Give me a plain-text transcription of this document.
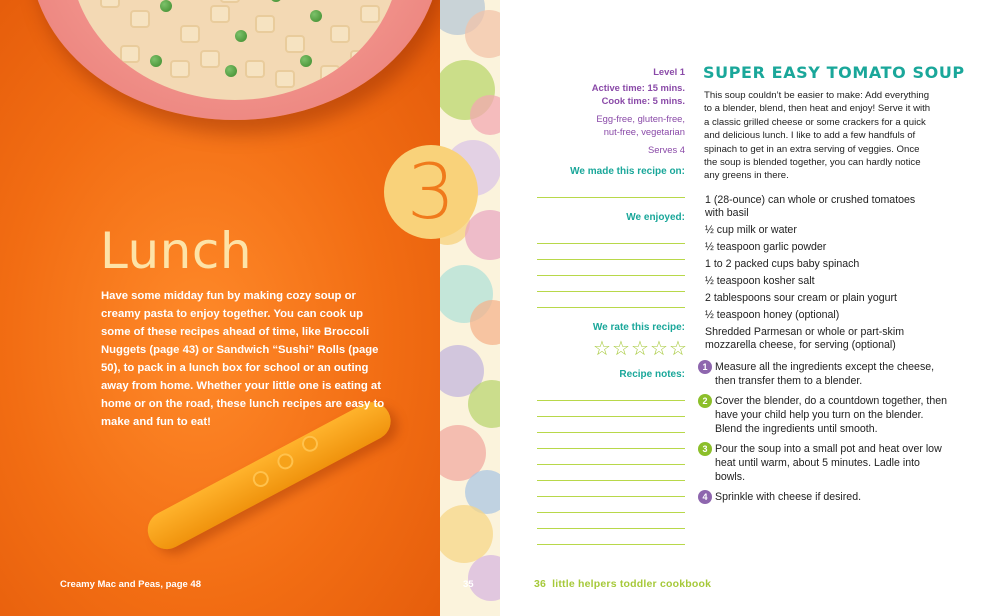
Lunch
Have some midday fun by making cozy soup or creamy pasta to enjoy together. You can cook up some of these recipes ahead of time, like Broccoli Nuggets (page 43) or Sandwich “Sushi” Rolls (page 50), to pack in a lunch box for school or an outing away from home. Whether your little one is eating at home or on the road, these lunch recipes are easy to make and fun to eat!
Creamy Mac and Peas, page 48
3
35
Level 1
Active time: 15 mins.
Cook time: 5 mins.
Egg-free, gluten-free,
nut-free, vegetarian
Serves 4
We made this recipe on:
We enjoyed:
We rate this recipe:
☆ ☆ ☆ ☆ ☆
Recipe notes:
SUPER EASY TOMATO SOUP
This soup couldn’t be easier to make: Add everything to a blender, blend, then heat and enjoy! Serve it with a classic grilled cheese or some crackers for a quick and delicious lunch. I like to add a few handfuls of spinach to get in an extra serving of veggies. Once the soup is blended together, you can hardly notice any greens in there.
1 (28-ounce) can whole or crushed tomatoes with basil
½ cup milk or water
½ teaspoon garlic powder
1 to 2 packed cups baby spinach
½ teaspoon kosher salt
2 tablespoons sour cream or plain yogurt
½ teaspoon honey (optional)
Shredded Parmesan or whole or part-skim mozzarella cheese, for serving (optional)
1 Measure all the ingredients except the cheese, then transfer them to a blender.
2 Cover the blender, do a countdown together, then have your child help you turn on the blender. Blend the ingredients until smooth.
3 Pour the soup into a small pot and heat over low heat until warm, about 5 minutes. Ladle into bowls.
4 Sprinkle with cheese if desired.
36 little helpers toddler cookbook
